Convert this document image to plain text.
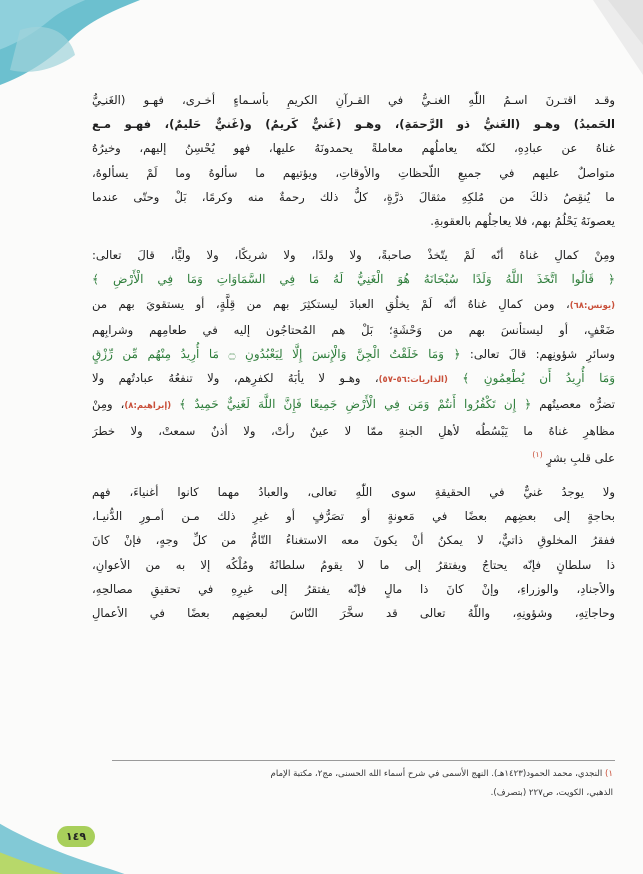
وقـد اقتـرنَ اسـمُ اللّٰهِ الغنـيُّ في القـرآنِ الكريمِ بأسـماءٍ أخـرى، فهـو (الغَنـِيُّ
الحَميدُ) وهـو (الغَنيُّ ذو الرَّحمَةِ)، وهـو (غَنيٌّ كَريمٌ) و(غَنيٌّ حَليمٌ)، فهـو مـع
غناهُ عن عبادِهِ، لكنّه يعاملُهم معاملةً يحمدونَهُ عليها، فهو يُحْسِنُ إليهم، وخيرُهُ
متواصلٌ عليهم في جميعِ اللّحظاتِ والأوقاتِ، ويؤتيهم ما سألوهُ وما لَمْ يسألوهُ،
ما يُنقِصُ ذلكَ من مُلكِهِ مثقالَ ذرَّةٍ، كلُّ ذلك رحمةٌ منه وكرمًا، بَلْ وحتّى عندما
يعصونَهُ يَحْلُمُ بهم، فلا يعاجلُهم بالعقوبةِ.

ومِنْ كمالِ غناهُ أنّه لَمْ يتّخذْ صاحبةً، ولا ولدًا، ولا شريكًا، ولا وليًّا، قالَ تعالى:
﴿ قَالُوا اتَّخَذَ اللَّهُ وَلَدًا سُبْحَانَهُ هُوَ الْغَنِيُّ لَهُ مَا فِي السَّمَاوَاتِ وَمَا فِي الْأَرْضِ ﴾
(يونس:٦٨)، ومن كمالِ غناهُ أنّه لَمْ يخلُقِ العبادَ ليستكثِرَ بهم من قِلَّةٍ، أو يستقويَ بهم من
ضَعْفٍ، أو ليستأنسَ بهم من وَحْشَةٍ؛ بَلْ هم المُحتاجُون إليه في طعامِهم وشرابِهم
وسائرِ شؤونِهم: قالَ تعالى: ﴿ وَمَا خَلَقْتُ الْجِنَّ وَالْإِنسَ إِلَّا لِيَعْبُدُونِ ۝ مَا أُرِيدُ مِنْهُم مِّن رِّزْقٍ
وَمَا أُرِيدُ أَن يُطْعِمُونِ ﴾ (الذاريات:٥٦-٥٧)، وهـو لا يأبَهُ لكفرِهم، ولا تنفعُهُ عبادتُهم ولا
تضرُّه معصيتُهم ﴿ إِن تَكْفُرُوا أَنتُمْ وَمَن فِي الْأَرْضِ جَمِيعًا فَإِنَّ اللَّهَ لَغَنِيٌّ حَمِيدٌ ﴾ (إبراهيم:٨)، ومِنْ
مظاهرِ غناهُ ما يَبْسُطُه لأهلِ الجنةِ ممّا لا عينٌ رأتْ، ولا أذنٌ سمعتْ، ولا خطرَ
على قلبِ بشرٍ $^{(١)}$

ولا يوجدُ غنيٌّ في الحقيقةِ سوى اللّٰهِ تعالى، والعبادُ مهما كانوا أغنياءَ، فهم
بحاجةٍ إلى بعضِهم بعضًا في مَعونةٍ أو تصَرُّفٍ أو غيرِ ذلك مـن أمـورِ الدُّنيـا،
ففقرُ المخلوقِ ذاتيٌّ، لا يمكنُ أنْ يكونَ معه الاستغناءُ التّامُّ من كلِّ وجهٍ، فإنْ كانَ
ذا سلطانٍ فإنّه يحتاجُ ويفتقرُ إلى ما لا يقومُ سلطانُهُ ومُلْكُه إلا به من الأعوانِ،
والأجنادِ، والوزراءِ، وإنْ كانَ ذا مالٍ فإنّه يفتقرُ إلى غيرِهِ في تحقيقِ مصالحِهِ،
وحاجاتِهِ، وشؤونِهِ، واللّٰهُ تعالى قد سخَّرَ النّاسَ لبعضِهم بعضًا في الأعمالِ

١) النجدي، محمد الحمود(١٤٢٣هـ). النهج الأسمى في شرح أسماء الله الحسنى، مج٢، مكتبة الإمام
الذهبي، الكويت، ص٢٢٧ (بتصرف).
١٤٩
